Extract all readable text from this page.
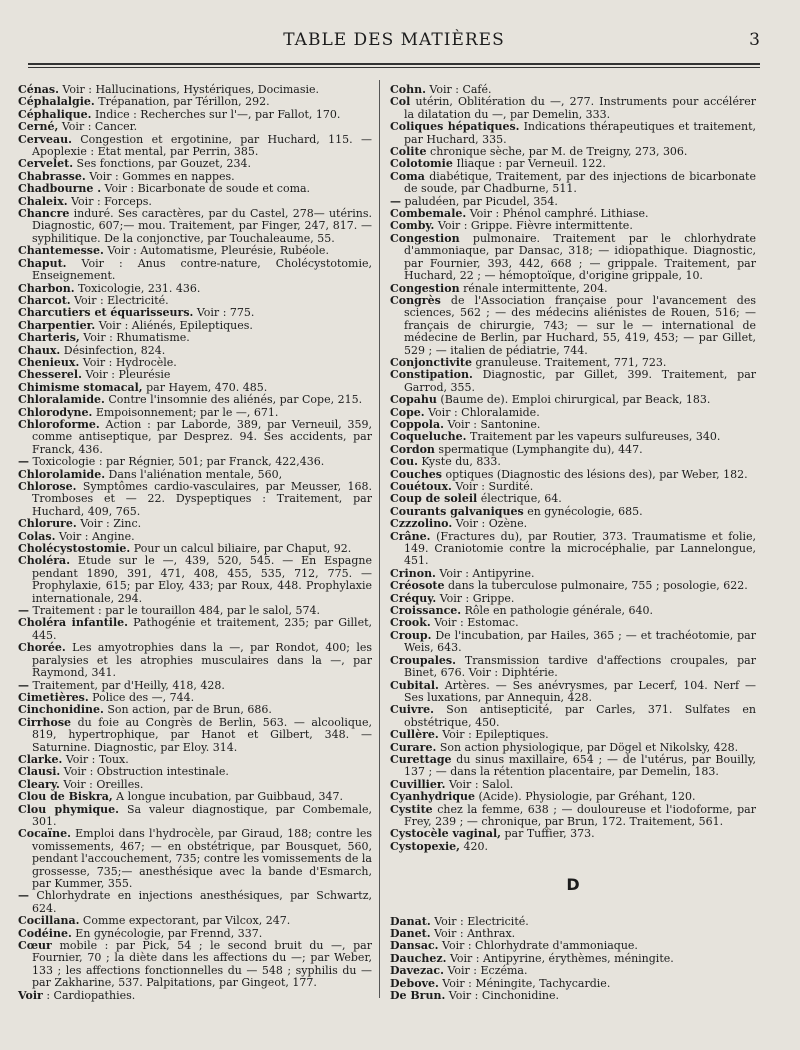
TABLE DES MATIÈRES	3

Cénas. Voir : Hallucinations, Hystériques, Docimasie.

Céphalalgie. Trépanation, par Térillon, 292.

Céphalique. Indice : Recherches sur l'—, par Fallot, 170.

Cerné, Voir : Cancer.

Cerveau. Congestion et ergotinine, par Huchard, 115. — Apoplexie : Etat mental, par Perrin, 385.

Cervelet. Ses fonctions, par Gouzet, 234.

Chabrasse. Voir : Gommes en nappes.

Chadbourne . Voir : Bicarbonate de soude et coma.

Chaleix. Voir : Forceps.

Chancre induré. Ses caractères, par du Castel, 278— utérins. Diagnostic, 607;— mou. Traitement, par Finger, 247, 817. — syphilitique. De la conjonctive, par Touchaleaume, 55.

Chantemesse. Voir : Automatisme, Pleurésie, Rubéole.

Chaput. Voir : Anus contre-nature, Cholécystotomie, Enseignement.

Charbon. Toxicologie, 231. 436.

Charcot. Voir : Electricité.

Charcutiers et équarisseurs. Voir : 775.

Charpentier. Voir : Aliénés, Epileptiques.

Charteris, Voir : Rhumatisme.

Chaux. Désinfection, 824.

Chenieux. Voir : Hydrocèle.

Chesserel. Voir : Pleurésie

Chimisme stomacal, par Hayem, 470. 485.

Chloralamide. Contre l'insomnie des aliénés, par Cope, 215.

Chlorodyne. Empoisonnement; par le —, 671.

Chloroforme. Action : par Laborde, 389, par Verneuil, 359, comme antiseptique, par Desprez. 94. Ses accidents, par Franck, 436.

— Toxicologie : par Régnier, 501; par Franck, 422,436.

Chlorolamide. Dans l'aliénation mentale, 560,

Chlorose. Symptômes cardio-vasculaires, par Meusser, 168. Tromboses et — 22. Dyspeptiques : Traitement, par Huchard, 409, 765.

Chlorure. Voir : Zinc.

Colas. Voir : Angine.

Cholécystostomie. Pour un calcul biliaire, par Chaput, 92.

Choléra. Etude sur le —, 439, 520, 545. — En Espagne pendant 1890, 391, 471, 408, 455, 535, 712, 775. — Prophylaxie, 615; par Eloy, 433; par Roux, 448. Prophylaxie internationale, 294.

— Traitement : par le touraillon 484, par le salol, 574.

Choléra infantile. Pathogénie et traitement, 235; par Gillet, 445.

Chorée. Les amyotrophies dans la —, par Rondot, 400; les paralysies et les atrophies musculaires dans la —, par Raymond, 341.

— Traitement, par d'Heilly, 418, 428.

Cimetières. Police des —, 744.

Cinchonidine. Son action, par de Brun, 686.

Cirrhose du foie au Congrès de Berlin, 563. — alcoolique, 819, hypertrophique, par Hanot et Gilbert, 348. — Saturnine. Diagnostic, par Eloy. 314.

Clarke. Voir : Toux.

Clausi. Voir : Obstruction intestinale.

Cleary. Voir : Oreilles.

Clou de Biskra, A longue incubation, par Guibbaud, 347.

Clou phymique. Sa valeur diagnostique, par Combemale, 301.

Cocaïne. Emploi dans l'hydrocèle, par Giraud, 188; contre les vomissements, 467; — en obstétrique, par Bousquet, 560, pendant l'accouchement, 735; contre les vomissements de la grossesse, 735;— anesthésique avec la bande d'Esmarch, par Kummer, 355.

— Chlorhydrate en injections anesthésiques, par Schwartz, 624.

Cocillana. Comme expectorant, par Vilcox, 247.

Codéine. En gynécologie, par Frennd, 337.

Cœur mobile : par Pick, 54 ; le second bruit du —, par Fournier, 70 ; la diète dans les affections du —; par Weber, 133 ; les affections fonctionnelles du — 548 ; syphilis du — par Zakharine, 537. Palpitations, par Gingeot, 177.

Voir : Cardiopathies.

Cohn. Voir : Café.

Col utérin, Oblitération du —, 277. Instruments pour accélérer la dilatation du —, par Demelin, 333.

Coliques hépatiques. Indications thérapeutiques et traitement, par Huchard, 335.

Colite chronique sèche, par M. de Treigny, 273, 306.

Colotomie Iliaque : par Verneuil. 122.

Coma diabétique, Traitement, par des injections de bicarbonate de soude, par Chadburne, 511.

— paludéen, par Picudel, 354.

Combemale. Voir : Phénol camphré. Lithiase.

Comby. Voir : Grippe. Fièvre intermittente.

Congestion pulmonaire. Traitement par le chlorhydrate d'ammoniaque, par Dansac, 318; — idiopathique. Diagnostic, par Fournier, 393, 442, 668 ; — grippale. Traitement, par Huchard, 22 ; — hémoptoïque, d'origine grippale, 10.

Congestion rénale intermittente, 204.

Congrès de l'Association française pour l'avancement des sciences, 562 ; — des médecins aliénistes de Rouen, 516; — français de chirurgie, 743; — sur le — international de médecine de Berlin, par Huchard, 55, 419, 453; — par Gillet, 529 ; — italien de pédiatrie, 744.

Conjonctivite granuleuse. Traitement, 771, 723.

Constipation. Diagnostic, par Gillet, 399. Traitement, par Garrod, 355.

Copahu (Baume de). Emploi chirurgical, par Beack, 183.

Cope. Voir : Chloralamide.

Coppola. Voir : Santonine.

Coqueluche. Traitement par les vapeurs sulfureuses, 340.

Cordon spermatique (Lymphangite du), 447.

Cou. Kyste du, 833.

Couches optiques (Diagnostic des lésions des), par Weber, 182.

Couétoux. Voir : Surdité.

Coup de soleil électrique, 64.

Courants galvaniques en gynécologie, 685.

Czzzolino. Voir : Ozène.

Crâne. (Fractures du), par Routier, 373. Traumatisme et folie, 149. Craniotomie contre la microcéphalie, par Lannelongue, 451.

Crinon. Voir : Antipyrine.

Créosote dans la tuberculose pulmonaire, 755 ; posologie, 622.

Créquy. Voir : Grippe.

Croissance. Rôle en pathologie générale, 640.

Crook. Voir : Estomac.

Croup. De l'incubation, par Hailes, 365 ; — et trachéotomie, par Weis, 643.

Croupales. Transmission tardive d'affections croupales, par Binet, 676. Voir : Diphtérie.

Cubital. Artères. — Ses anévrysmes, par Lecerf, 104. Nerf — Ses luxations, par Annequin, 428.

Cuivre. Son antisepticité, par Carles, 371. Sulfates en obstétrique, 450.

Cullère. Voir : Epileptiques.

Curare. Son action physiologique, par Dögel et Nikolsky, 428.

Curettage du sinus maxillaire, 654 ; — de l'utérus, par Bouilly, 137 ; — dans la rétention placentaire, par Demelin, 183.

Cuvillier. Voir : Salol.

Cyanhydrique (Acide). Physiologie, par Gréhant, 120.

Cystite chez la femme, 638 ; — douloureuse et l'iodoforme, par Frey, 239 ; — chronique, par Brun, 172. Traitement, 561.

Cystocèle vaginal, par Tuffier, 373.

Cystopexie, 420.

D

Danat. Voir : Electricité.

Danet. Voir : Anthrax.

Dansac. Voir : Chlorhydrate d'ammoniaque.

Dauchez. Voir : Antipyrine, érythèmes, méningite.

Davezac. Voir : Eczéma.

Debove. Voir : Méningite, Tachycardie.

De Brun. Voir : Cinchonidine.
